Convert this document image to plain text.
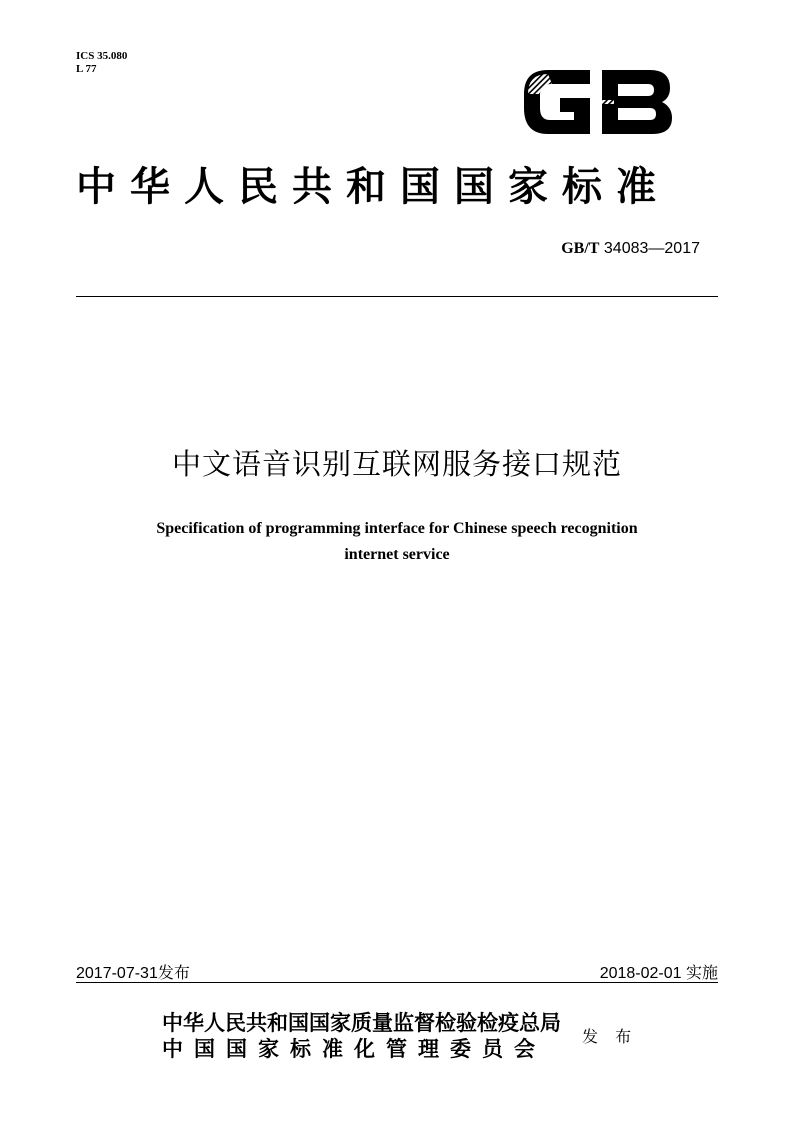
ICS 35.080
L 77
中华人民共和国国家标准
GB/T 34083—2017
中文语音识别互联网服务接口规范
Specification of programming interface for Chinese speech recognition
internet service
2017-07-31发布	2018-02-01 实施
中华人民共和国国家质量监督检验检疫总局
中国国家标准化管理委员会	发 布
